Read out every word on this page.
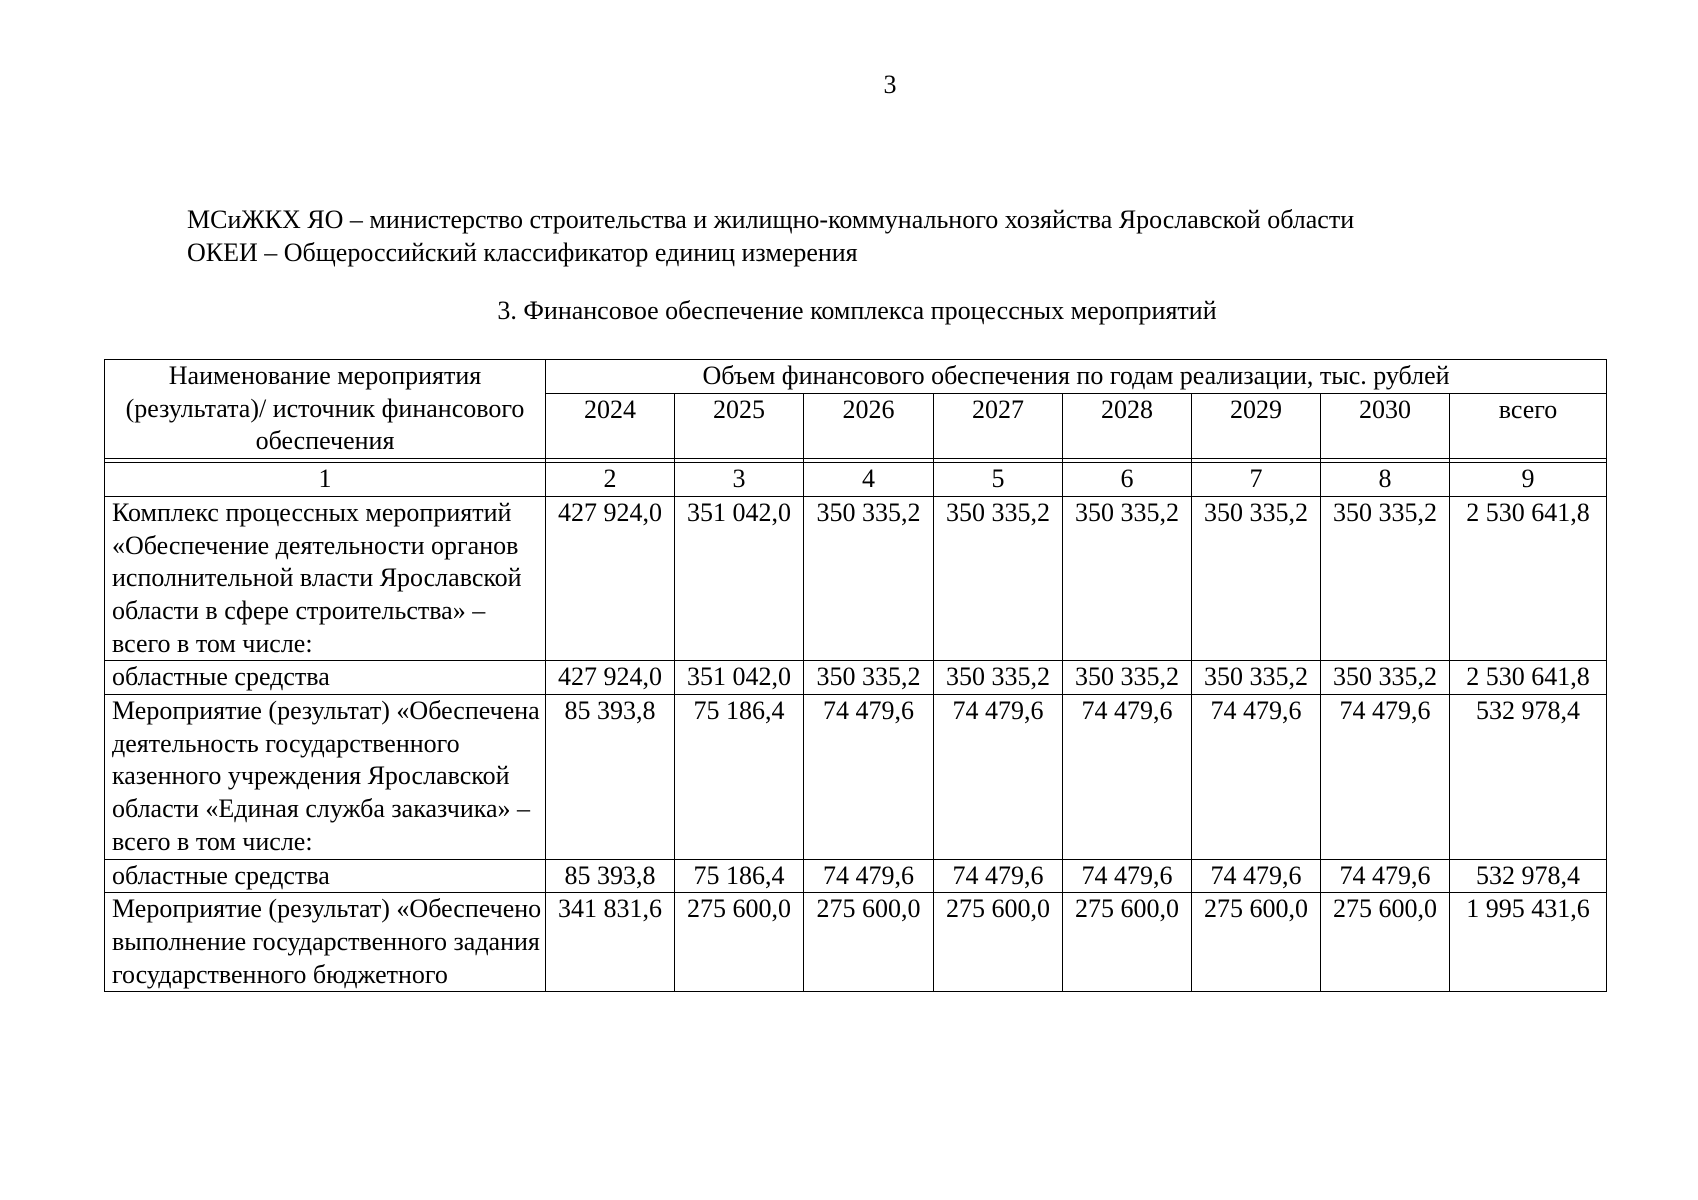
3
МСиЖКХ ЯО – министерство строительства и жилищно-коммунального хозяйства Ярославской области
ОКЕИ – Общероссийский классификатор единиц измерения
3. Финансовое обеспечение комплекса процессных мероприятий
Наименование мероприятия (результата)/ источник финансового обеспечения	Объем финансового обеспечения по годам реализации, тыс. рублей							
	2024	2025	2026	2027	2028	2029	2030	всего

1	2	3	4	5	6	7	8	9
Комплекс процессных мероприятий «Обеспечение деятельности органов исполнительной власти Ярославской области в сфере строительства» – всего в том числе:	427 924,0	351 042,0	350 335,2	350 335,2	350 335,2	350 335,2	350 335,2	2 530 641,8
областные средства	427 924,0	351 042,0	350 335,2	350 335,2	350 335,2	350 335,2	350 335,2	2 530 641,8
Мероприятие (результат) «Обеспечена деятельность государственного казенного учреждения Ярославской области «Единая служба заказчика» – всего в том числе:	85 393,8	75 186,4	74 479,6	74 479,6	74 479,6	74 479,6	74 479,6	532 978,4
областные средства	85 393,8	75 186,4	74 479,6	74 479,6	74 479,6	74 479,6	74 479,6	532 978,4
Мероприятие (результат) «Обеспечено выполнение государственного задания государственного бюджетного	341 831,6	275 600,0	275 600,0	275 600,0	275 600,0	275 600,0	275 600,0	1 995 431,6
